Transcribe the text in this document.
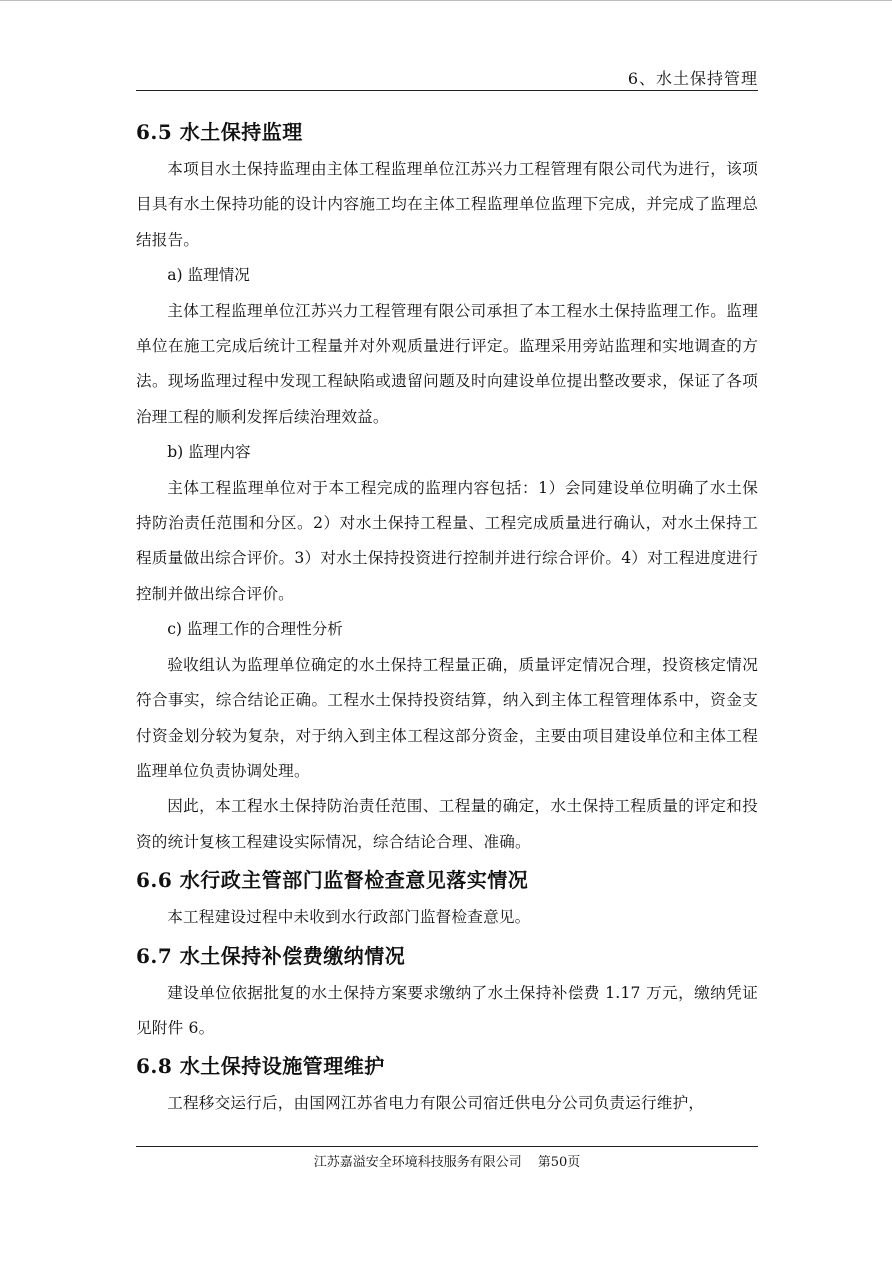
6、水土保持管理
6.5 水土保持监理

本项目水土保持监理由主体工程监理单位江苏兴力工程管理有限公司代为进行，该项目具有水土保持功能的设计内容施工均在主体工程监理单位监理下完成，并完成了监理总结报告。

a) 监理情况

主体工程监理单位江苏兴力工程管理有限公司承担了本工程水土保持监理工作。监理单位在施工完成后统计工程量并对外观质量进行评定。监理采用旁站监理和实地调查的方法。现场监理过程中发现工程缺陷或遗留问题及时向建设单位提出整改要求，保证了各项治理工程的顺利发挥后续治理效益。

b) 监理内容

主体工程监理单位对于本工程完成的监理内容包括：1）会同建设单位明确了水土保持防治责任范围和分区。2）对水土保持工程量、工程完成质量进行确认，对水土保持工程质量做出综合评价。3）对水土保持投资进行控制并进行综合评价。4）对工程进度进行控制并做出综合评价。

c) 监理工作的合理性分析

验收组认为监理单位确定的水土保持工程量正确，质量评定情况合理，投资核定情况符合事实，综合结论正确。工程水土保持投资结算，纳入到主体工程管理体系中，资金支付资金划分较为复杂，对于纳入到主体工程这部分资金，主要由项目建设单位和主体工程监理单位负责协调处理。

因此，本工程水土保持防治责任范围、工程量的确定，水土保持工程质量的评定和投资的统计复核工程建设实际情况，综合结论合理、准确。

6.6 水行政主管部门监督检查意见落实情况

本工程建设过程中未收到水行政部门监督检查意见。

6.7 水土保持补偿费缴纳情况

建设单位依据批复的水土保持方案要求缴纳了水土保持补偿费 1.17 万元，缴纳凭证见附件 6。

6.8 水土保持设施管理维护

工程移交运行后，由国网江苏省电力有限公司宿迁供电分公司负责运行维护，

江苏嘉溢安全环境科技服务有限公司 第50页
